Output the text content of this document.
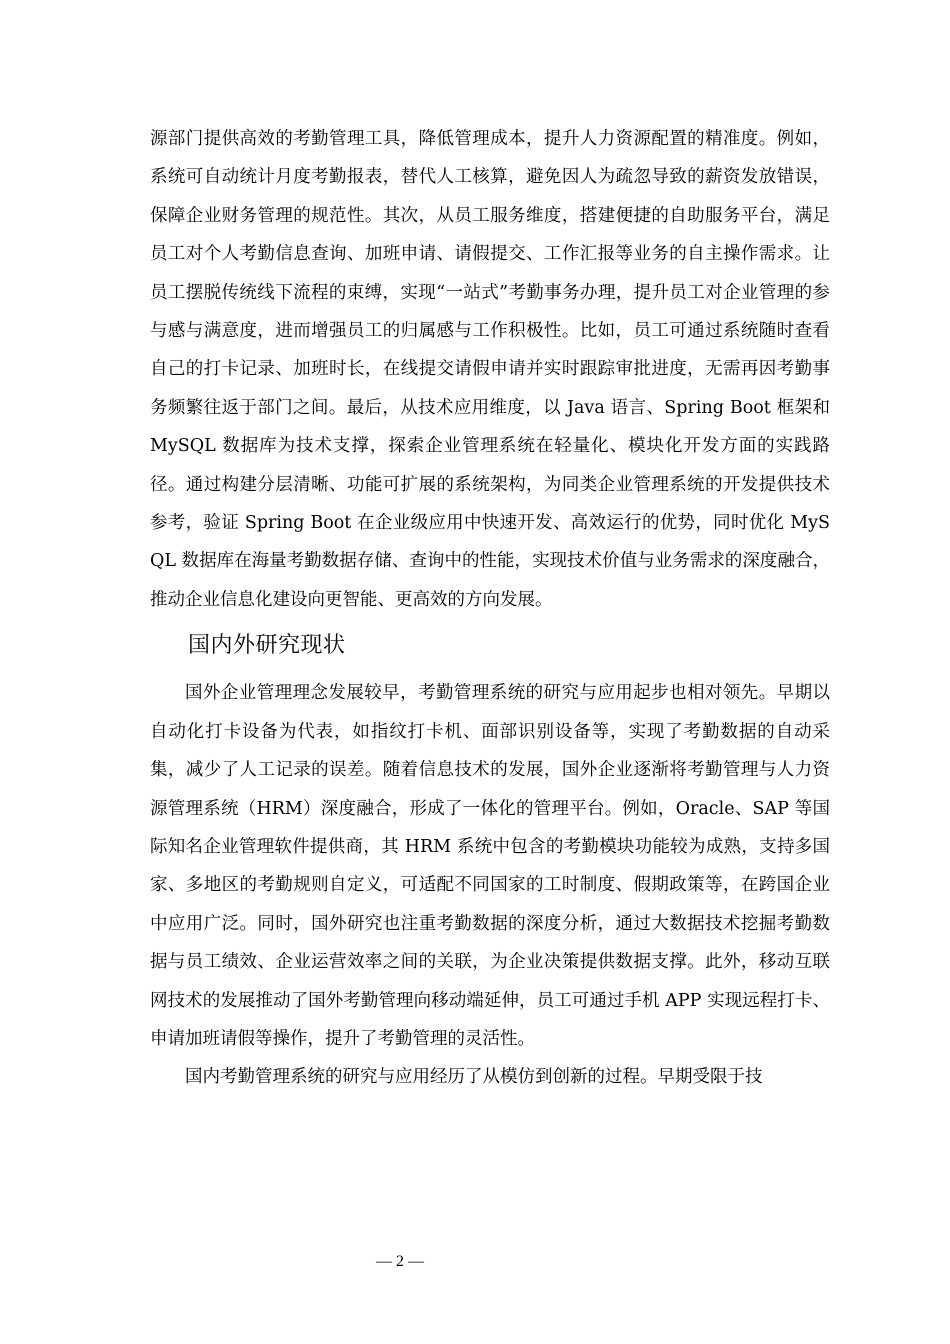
源部门提供高效的考勤管理工具，降低管理成本，提升人力资源配置的精准度。例如，系统可自动统计月度考勤报表，替代人工核算，避免因人为疏忽导致的薪资发放错误，保障企业财务管理的规范性。其次，从员工服务维度，搭建便捷的自助服务平台，满足员工对个人考勤信息查询、加班申请、请假提交、工作汇报等业务的自主操作需求。让员工摆脱传统线下流程的束缚，实现“一站式”考勤事务办理，提升员工对企业管理的参与感与满意度，进而增强员工的归属感与工作积极性。比如，员工可通过系统随时查看自己的打卡记录、加班时长，在线提交请假申请并实时跟踪审批进度，无需再因考勤事务频繁往返于部门之间。最后，从技术应用维度，以 Java 语言、Spring Boot 框架和 MySQL 数据库为技术支撑，探索企业管理系统在轻量化、模块化开发方面的实践路径。通过构建分层清晰、功能可扩展的系统架构，为同类企业管理系统的开发提供技术参考，验证 Spring Boot 在企业级应用中快速开发、高效运行的优势，同时优化 MySQL 数据库在海量考勤数据存储、查询中的性能，实现技术价值与业务需求的深度融合，推动企业信息化建设向更智能、更高效的方向发展。

国内外研究现状

国外企业管理理念发展较早，考勤管理系统的研究与应用起步也相对领先。早期以自动化打卡设备为代表，如指纹打卡机、面部识别设备等，实现了考勤数据的自动采集，减少了人工记录的误差。随着信息技术的发展，国外企业逐渐将考勤管理与人力资源管理系统（HRM）深度融合，形成了一体化的管理平台。例如，Oracle、SAP 等国际知名企业管理软件提供商，其 HRM 系统中包含的考勤模块功能较为成熟，支持多国家、多地区的考勤规则自定义，可适配不同国家的工时制度、假期政策等，在跨国企业中应用广泛。同时，国外研究也注重考勤数据的深度分析，通过大数据技术挖掘考勤数据与员工绩效、企业运营效率之间的关联，为企业决策提供数据支撑。此外，移动互联网技术的发展推动了国外考勤管理向移动端延伸，员工可通过手机 APP 实现远程打卡、申请加班请假等操作，提升了考勤管理的灵活性。

国内考勤管理系统的研究与应用经历了从模仿到创新的过程。早期受限于技

— 2 —
